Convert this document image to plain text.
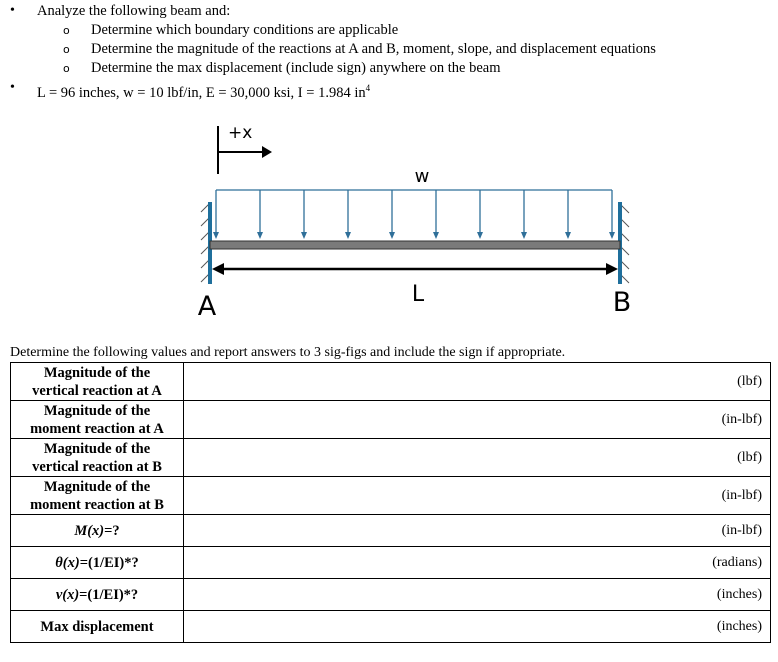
• Analyze the following beam and:
o Determine which boundary conditions are applicable
o Determine the magnitude of the reactions at A and B, moment, slope, and displacement equations
o Determine the max displacement (include sign) anywhere on the beam
• L = 96 inches, w = 10 lbf/in, E = 30,000 ksi, I = 1.984 $in^4$
+x
w
L
A	B
Determine the following values and report answers to 3 sig-figs and include the sign if appropriate.
Magnitude of the
vertical reaction at A	(lbf)
Magnitude of the
moment reaction at A	(in-lbf)
Magnitude of the
vertical reaction at B	(lbf)
Magnitude of the
moment reaction at B	(in-lbf)
M(x)=?	(in-lbf)
θ(x)=(1/EI)*?	(radians)
v(x)=(1/EI)*?	(inches)
Max displacement	(inches)
